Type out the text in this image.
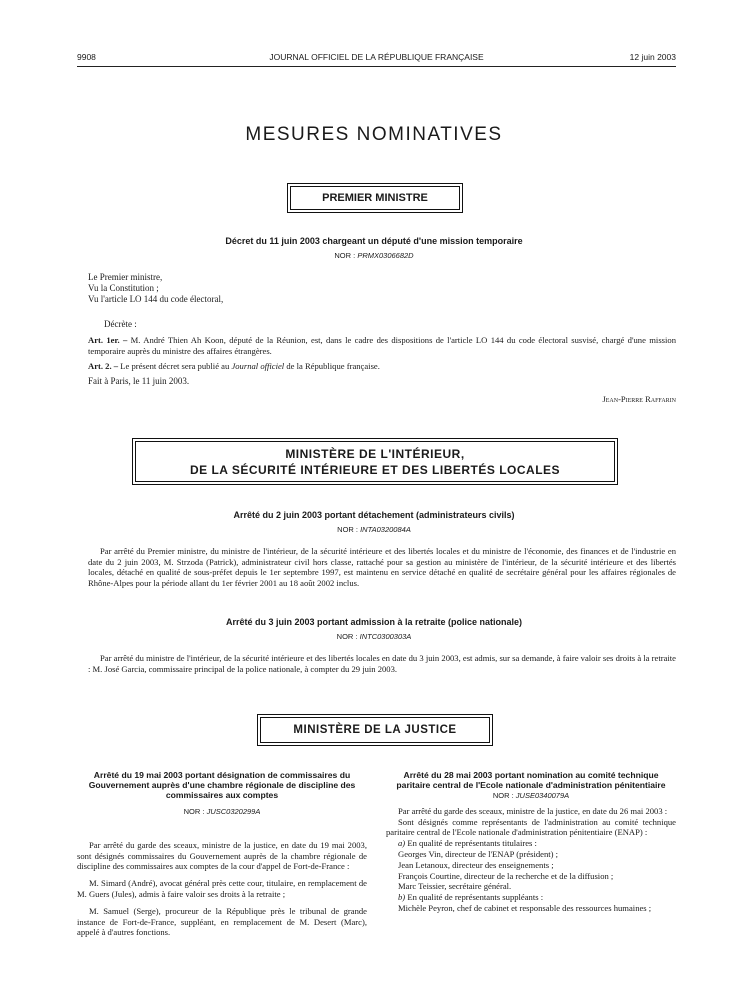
9908	JOURNAL OFFICIEL DE LA RÉPUBLIQUE FRANÇAISE	12 juin 2003
MESURES NOMINATIVES
PREMIER MINISTRE
Décret du 11 juin 2003 chargeant un député d'une mission temporaire
NOR : PRMX0306682D
Le Premier ministre,
Vu la Constitution ;
Vu l'article LO 144 du code électoral,
Décrète :
Art. 1er. – M. André Thien Ah Koon, député de la Réunion, est, dans le cadre des dispositions de l'article LO 144 du code électoral susvisé, chargé d'une mission temporaire auprès du ministre des affaires étrangères.
Art. 2. – Le présent décret sera publié au Journal officiel de la République française.
Fait à Paris, le 11 juin 2003.
Jean-Pierre Raffarin
MINISTÈRE DE L'INTÉRIEUR,
DE LA SÉCURITÉ INTÉRIEURE ET DES LIBERTÉS LOCALES
Arrêté du 2 juin 2003 portant détachement (administrateurs civils)
NOR : INTA0320084A
Par arrêté du Premier ministre, du ministre de l'intérieur, de la sécurité intérieure et des libertés locales et du ministre de l'économie, des finances et de l'industrie en date du 2 juin 2003, M. Strzoda (Patrick), administrateur civil hors classe, rattaché pour sa gestion au ministère de l'intérieur, de la sécurité intérieure et des libertés locales, détaché en qualité de sous-préfet depuis le 1er septembre 1997, est maintenu en service détaché en qualité de secrétaire général pour les affaires régionales de Rhône-Alpes pour la période allant du 1er février 2001 au 18 août 2002 inclus.
Arrêté du 3 juin 2003 portant admission à la retraite (police nationale)
NOR : INTC0300303A
Par arrêté du ministre de l'intérieur, de la sécurité intérieure et des libertés locales en date du 3 juin 2003, est admis, sur sa demande, à faire valoir ses droits à la retraite : M. José Garcia, commissaire principal de la police nationale, à compter du 29 juin 2003.
MINISTÈRE DE LA JUSTICE
Arrêté du 19 mai 2003 portant désignation de commissaires du Gouvernement auprès d'une chambre régionale de discipline des commissaires aux comptes
NOR : JUSC0320299A

Par arrêté du garde des sceaux, ministre de la justice, en date du 19 mai 2003, sont désignés commissaires du Gouvernement auprès de la chambre régionale de discipline des commissaires aux comptes de la cour d'appel de Fort-de-France :

M. Simard (André), avocat général près cette cour, titulaire, en remplacement de M. Guers (Jules), admis à faire valoir ses droits à la retraite ;

M. Samuel (Serge), procureur de la République près le tribunal de grande instance de Fort-de-France, suppléant, en remplacement de M. Desert (Marc), appelé à d'autres fonctions.

Arrêté du 28 mai 2003 portant nomination au comité technique paritaire central de l'Ecole nationale d'administration pénitentiaire
NOR : JUSE0340079A

Par arrêté du garde des sceaux, ministre de la justice, en date du 26 mai 2003 :

Sont désignés comme représentants de l'administration au comité technique paritaire central de l'Ecole nationale d'administration pénitentiaire (ENAP) :

a) En qualité de représentants titulaires :

Georges Vin, directeur de l'ENAP (président) ;

Jean Letanoux, directeur des enseignements ;

François Courtine, directeur de la recherche et de la diffusion ;

Marc Teissier, secrétaire général.

b) En qualité de représentants suppléants :

Michèle Peyron, chef de cabinet et responsable des ressources humaines ;
